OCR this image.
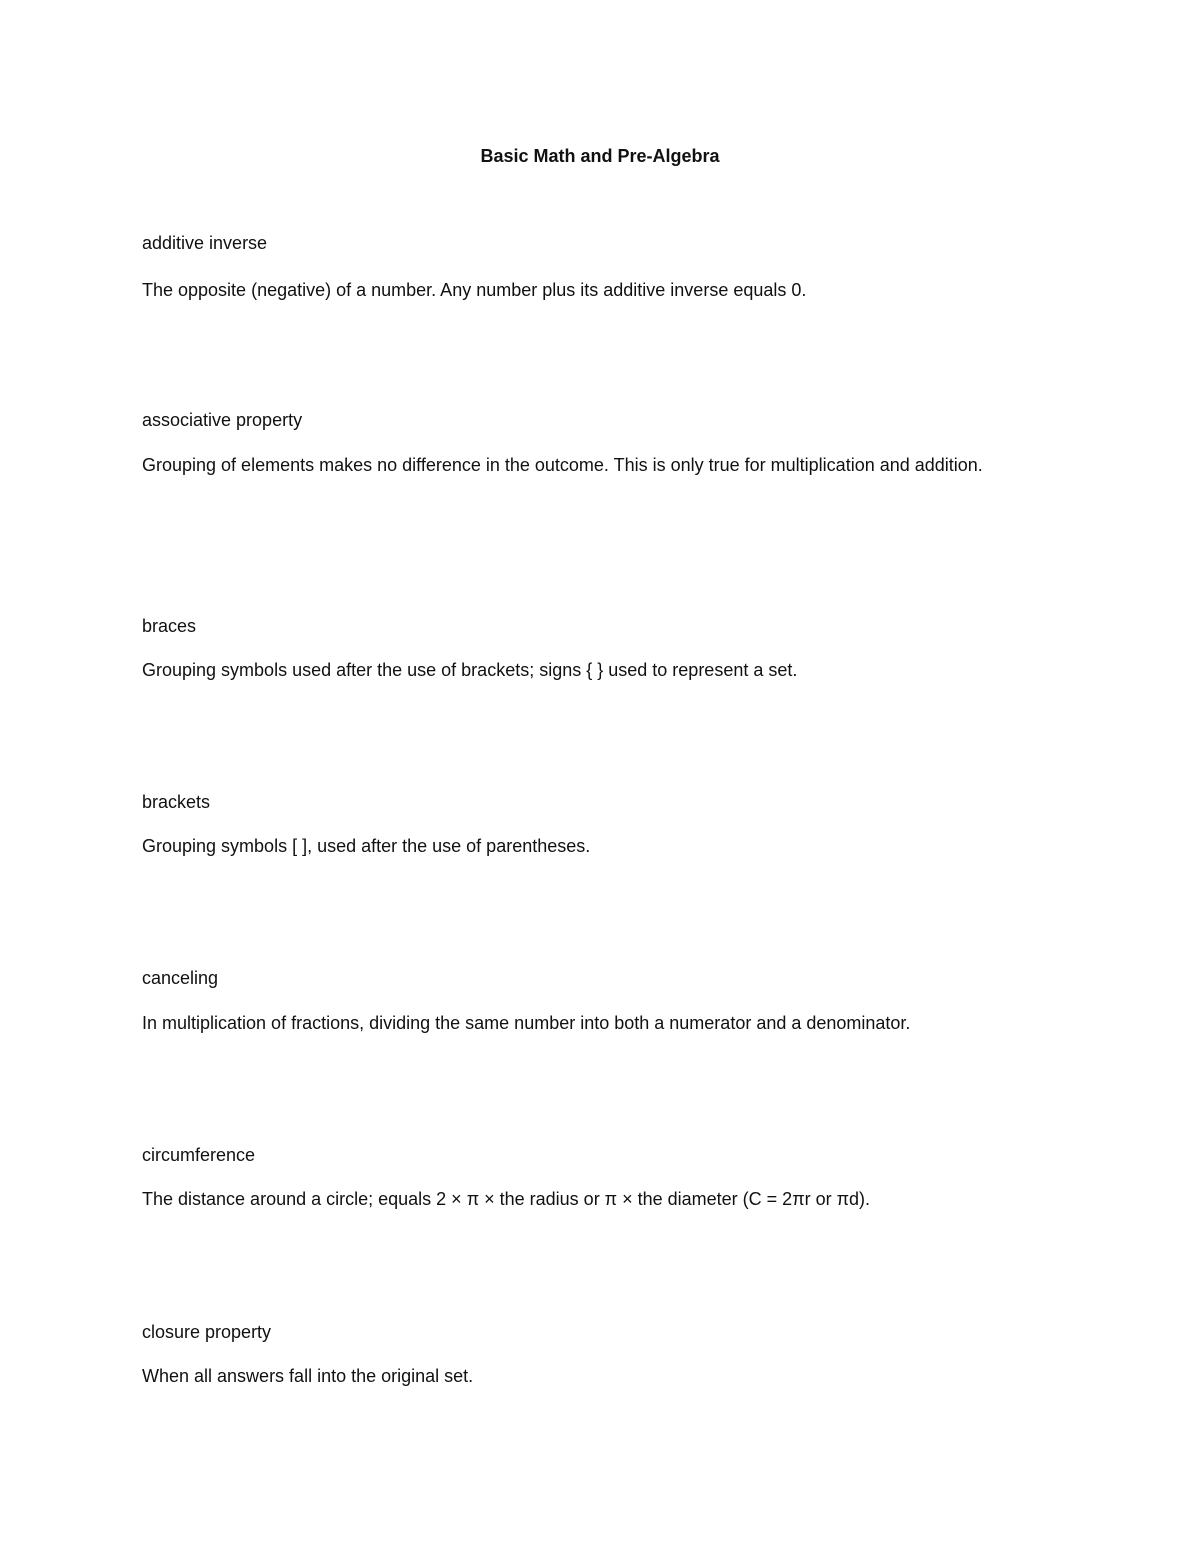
Basic Math and Pre-Algebra
additive inverse
The opposite (negative) of a number. Any number plus its additive inverse equals 0.
associative property
Grouping of elements makes no difference in the outcome. This is only true for multiplication and addition.
braces
Grouping symbols used after the use of brackets; signs { } used to represent a set.
brackets
Grouping symbols [ ], used after the use of parentheses.
canceling
In multiplication of fractions, dividing the same number into both a numerator and a denominator.
circumference
The distance around a circle; equals 2 × π × the radius or π × the diameter (C = 2πr or πd).
closure property
When all answers fall into the original set.
